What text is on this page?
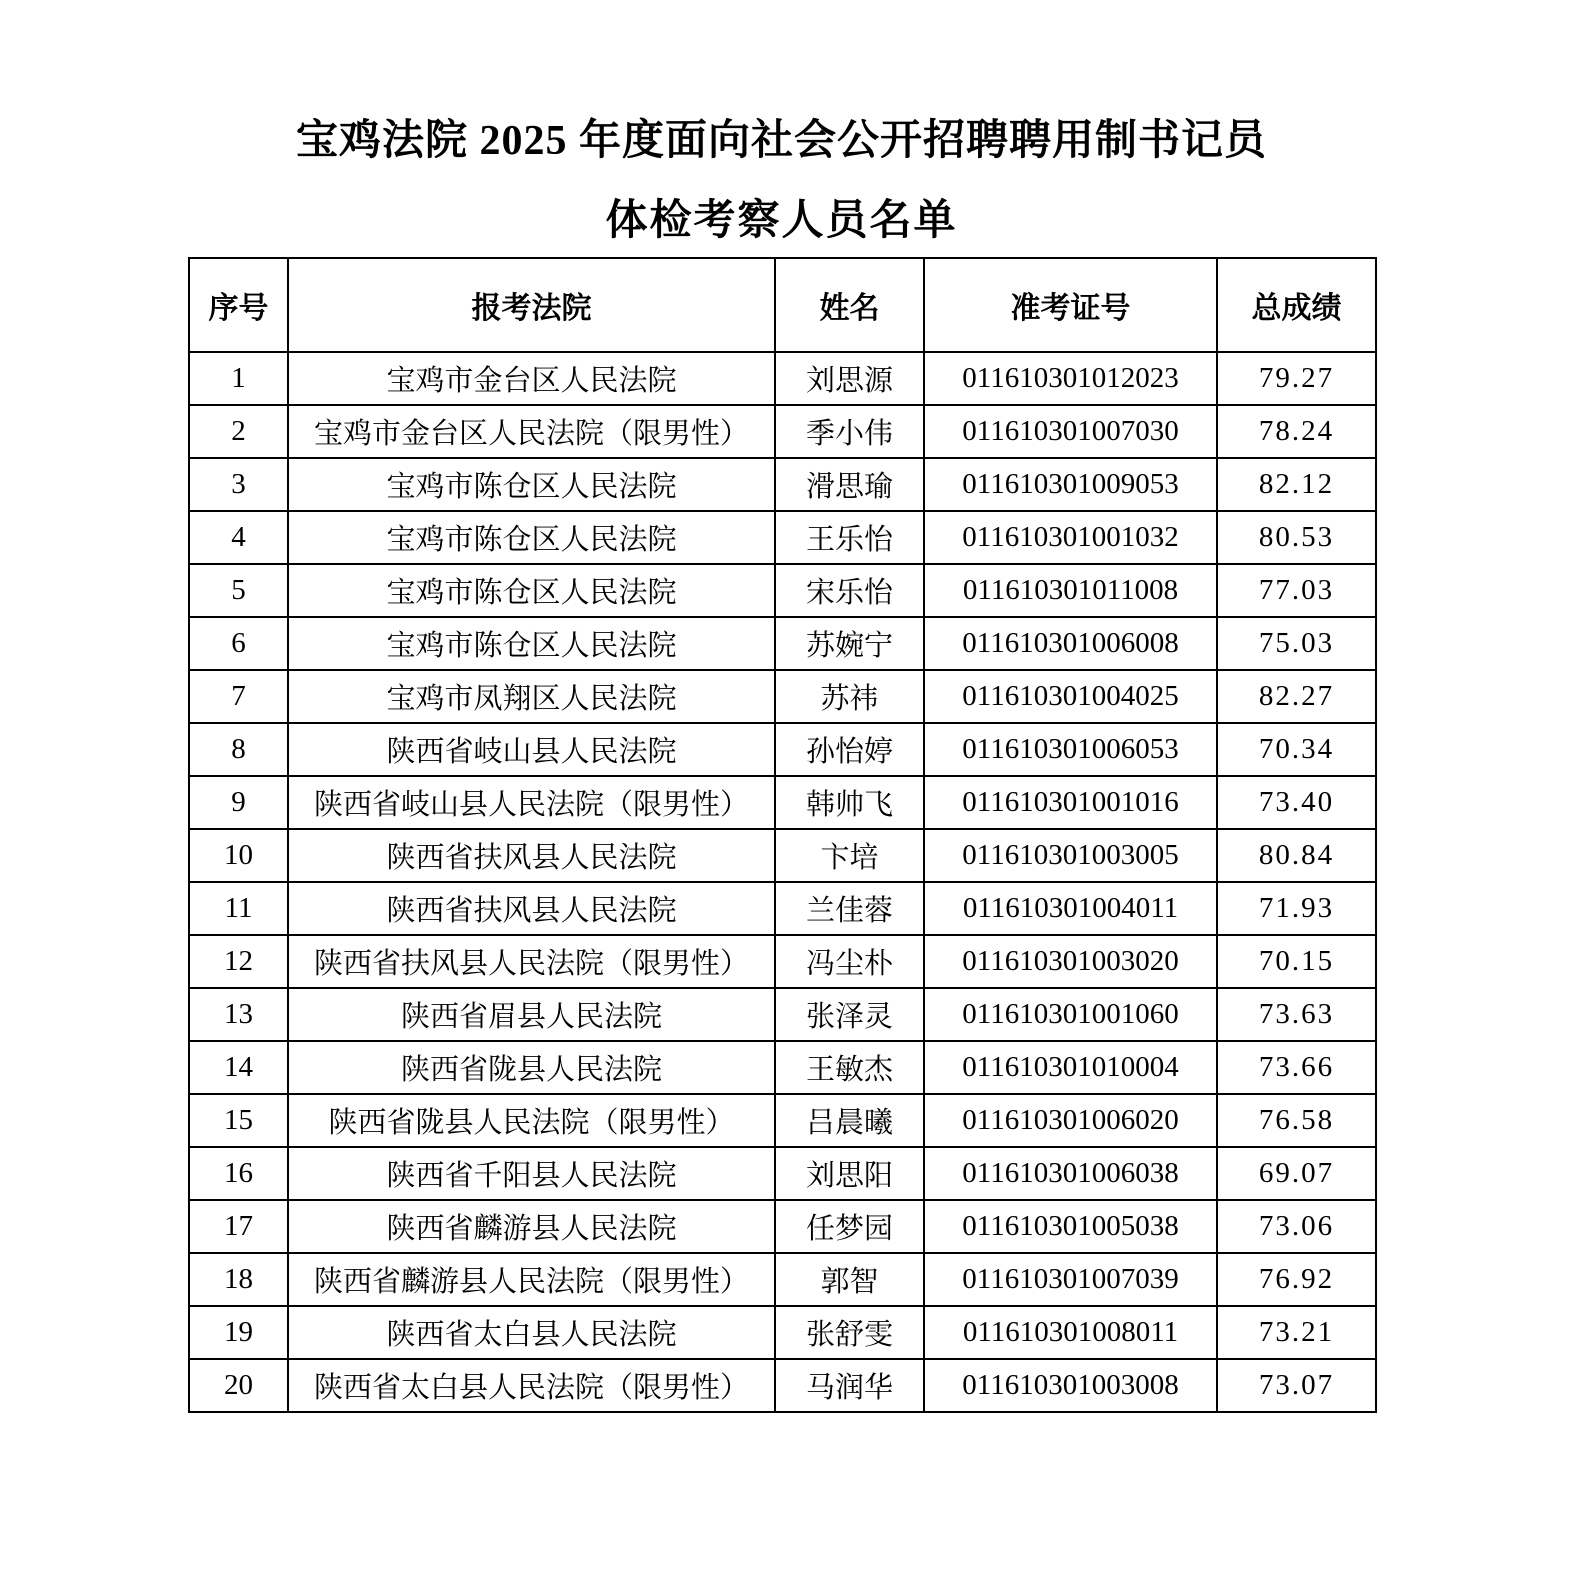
宝鸡法院 2025 年度面向社会公开招聘聘用制书记员
体检考察人员名单
序号	报考法院	姓名	准考证号	总成绩
1	宝鸡市金台区人民法院	刘思源	011610301012023	79.27
2	宝鸡市金台区人民法院（限男性）	季小伟	011610301007030	78.24
3	宝鸡市陈仓区人民法院	滑思瑜	011610301009053	82.12
4	宝鸡市陈仓区人民法院	王乐怡	011610301001032	80.53
5	宝鸡市陈仓区人民法院	宋乐怡	011610301011008	77.03
6	宝鸡市陈仓区人民法院	苏婉宁	011610301006008	75.03
7	宝鸡市凤翔区人民法院	苏祎	011610301004025	82.27
8	陕西省岐山县人民法院	孙怡婷	011610301006053	70.34
9	陕西省岐山县人民法院（限男性）	韩帅飞	011610301001016	73.40
10	陕西省扶风县人民法院	卞培	011610301003005	80.84
11	陕西省扶风县人民法院	兰佳蓉	011610301004011	71.93
12	陕西省扶风县人民法院（限男性）	冯尘朴	011610301003020	70.15
13	陕西省眉县人民法院	张泽灵	011610301001060	73.63
14	陕西省陇县人民法院	王敏杰	011610301010004	73.66
15	陕西省陇县人民法院（限男性）	吕晨曦	011610301006020	76.58
16	陕西省千阳县人民法院	刘思阳	011610301006038	69.07
17	陕西省麟游县人民法院	任梦园	011610301005038	73.06
18	陕西省麟游县人民法院（限男性）	郭智	011610301007039	76.92
19	陕西省太白县人民法院	张舒雯	011610301008011	73.21
20	陕西省太白县人民法院（限男性）	马润华	011610301003008	73.07
